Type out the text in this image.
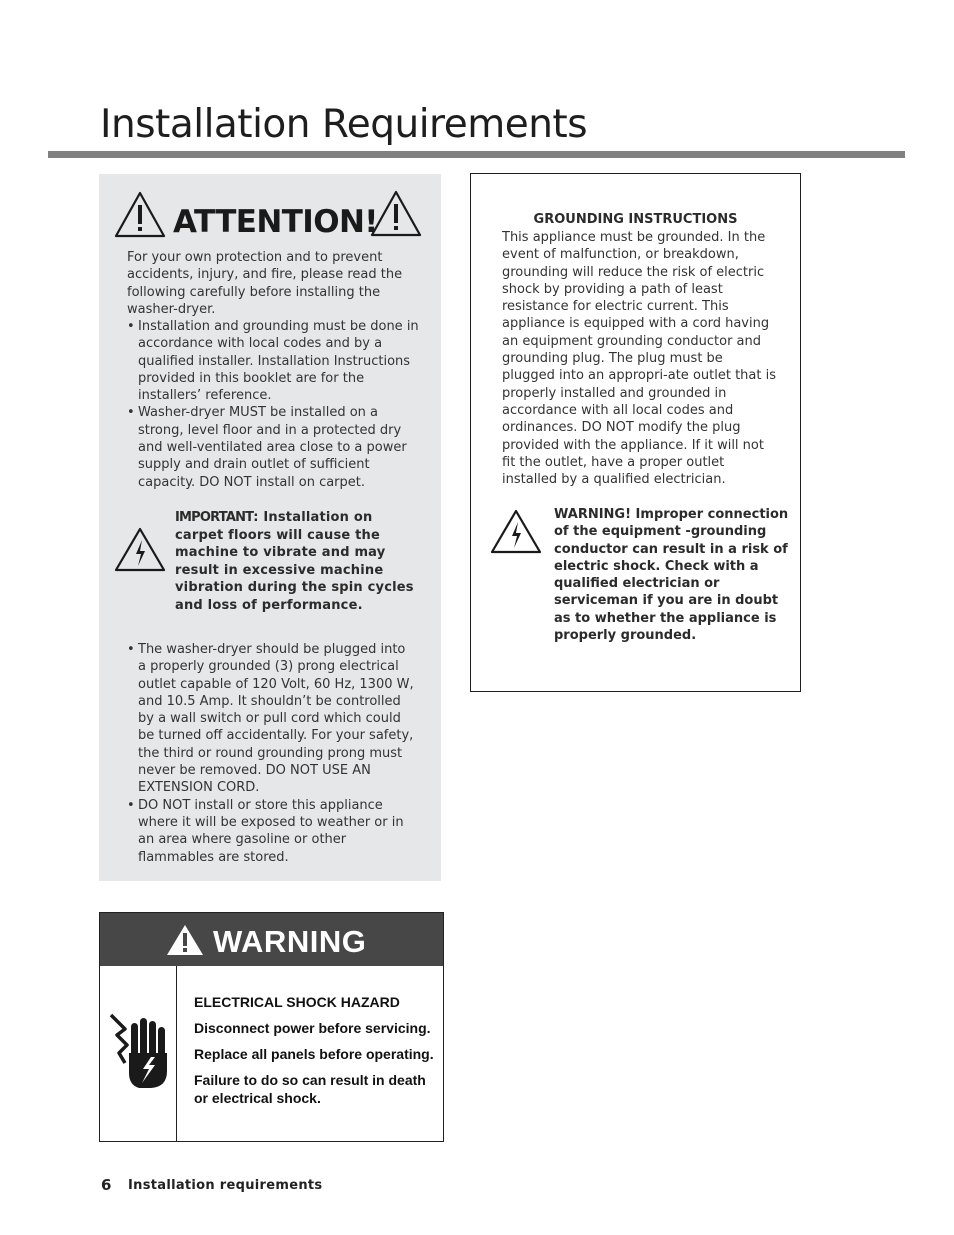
Installation Requirements
ATTENTION!
For your own protection and to prevent accidents, injury, and fire, please read the following carefully before installing the washer-dryer.
• Installation and grounding must be done in accordance with local codes and by a qualified installer. Installation Instructions provided in this booklet are for the installers’ reference.
• Washer-dryer MUST be installed on a strong, level floor and in a protected dry and well-ventilated area close to a power supply and drain outlet of sufficient capacity. DO NOT install on carpet.
IMPORTANT: Installation on carpet floors will cause the machine to vibrate and may result in excessive machine vibration during the spin cycles and loss of performance.
• The washer-dryer should be plugged into a properly grounded (3) prong electrical outlet capable of 120 Volt, 60 Hz, 1300 W, and 10.5 Amp. It shouldn’t be controlled by a wall switch or pull cord which could be turned off accidentally. For your safety, the third or round grounding prong must never be removed. DO NOT USE AN EXTENSION CORD.
• DO NOT install or store this appliance where it will be exposed to weather or in an area where gasoline or other flammables are stored.
GROUNDING INSTRUCTIONS
This appliance must be grounded. In the event of malfunction, or breakdown, grounding will reduce the risk of electric shock by providing a path of least resistance for electric current. This appliance is equipped with a cord having an equipment grounding conductor and grounding plug. The plug must be plugged into an appropri-ate outlet that is properly installed and grounded in accordance with all local codes and ordinances. DO NOT modify the plug provided with the appliance. If it will not fit the outlet, have a proper outlet installed by a qualified electrician.
WARNING! Improper connection of the equipment -grounding conductor can result in a risk of electric shock. Check with a qualified electrician or serviceman if you are in doubt as to whether the appliance is properly grounded.
WARNING
ELECTRICAL SHOCK HAZARD
Disconnect power before servicing.
Replace all panels before operating.
Failure to do so can result in death or electrical shock.
6 Installation requirements
